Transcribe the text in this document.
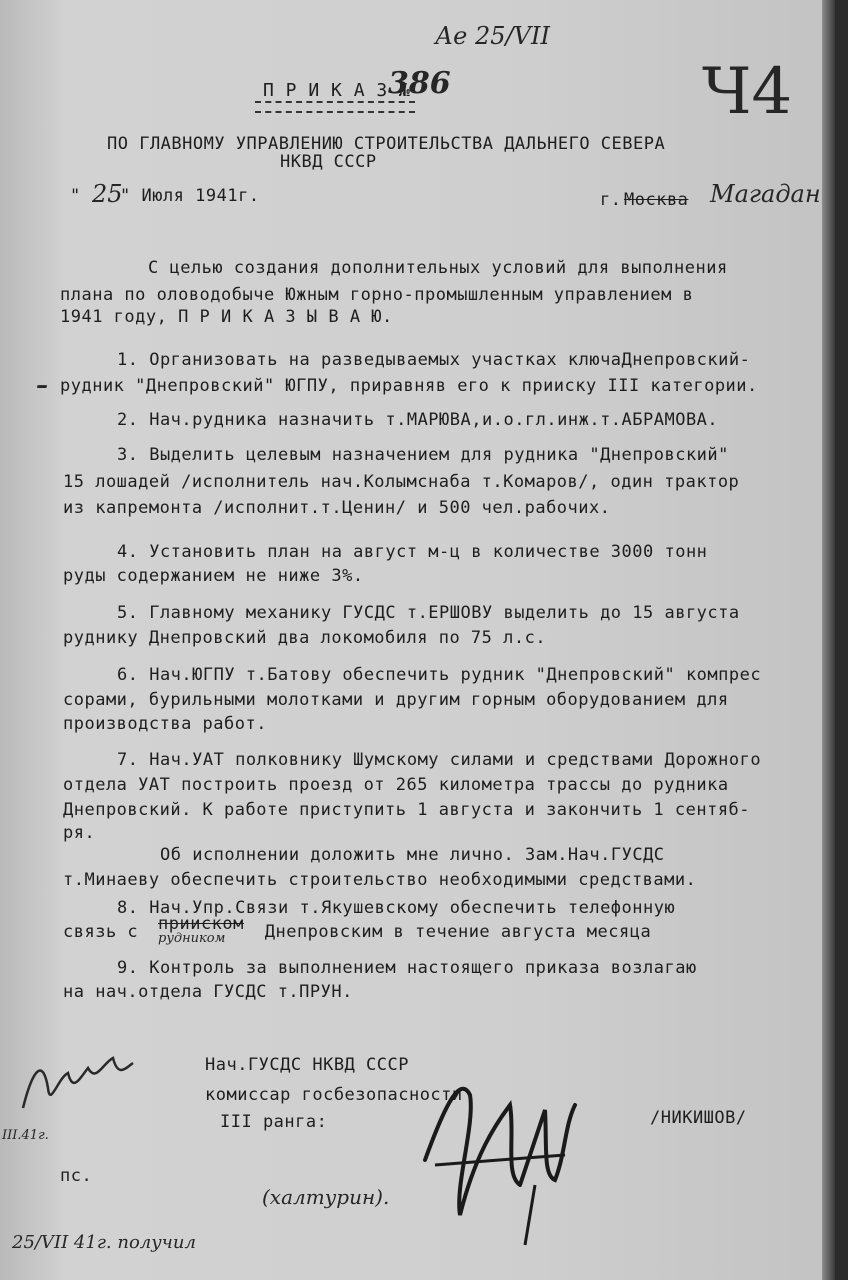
Ае 25/VII
Ч4
П Р И К А З №
386
ПО ГЛАВНОМУ УПРАВЛЕНИЮ СТРОИТЕЛЬСТВА ДАЛЬНЕГО СЕВЕРА
НКВД СССР
" 25
" Июля 1941г.	г. Москва Магадан
С целью создания дополнительных условий для выполнения
плана по оловодобыче Южным горно-промышленным управлением в
1941 году, П Р И К А З Ы В А Ю.
1. Организовать на разведываемых участках ключаДнепровский-
рудник "Днепровский" ЮГПУ, приравняв его к прииску III категории.
–
2. Нач.рудника назначить т.МАРЮВА,и.о.гл.инж.т.АБРАМОВА.
3. Выделить целевым назначением для рудника "Днепровский"
15 лошадей /исполнитель нач.Колымснаба т.Комаров/, один трактор
из капремонта /исполнит.т.Ценин/ и 500 чел.рабочих.
4. Установить план на август м-ц в количестве 3000 тонн
руды содержанием не ниже 3%.
5. Главному механику ГУСДС т.ЕРШОВУ выделить до 15 августа
руднику Днепровский два локомобиля по 75 л.с.
6. Нач.ЮГПУ т.Батову обеспечить рудник "Днепровский" компрес
сорами, бурильными молотками и другим горным оборудованием для
производства работ.
7. Нач.УАТ полковнику Шумскому силами и средствами Дорожного
отдела УАТ построить проезд от 265 километра трассы до рудника
Днепровский. К работе приступить 1 августа и закончить 1 сентяб-
ря.
Об исполнении доложить мне лично. Зам.Нач.ГУСДС
т.Минаеву обеспечить строительство необходимыми средствами.
8. Нач.Упр.Связи т.Якушевскому обеспечить телефонную
связь с прииском
рудником Днепровским в течение августа месяца
9. Контроль за выполнением настоящего приказа возлагаю
на нач.отдела ГУСДС т.ПРУН.
Нач.ГУСДС НКВД СССР
комиссар госбезопасности
III ранга:	/НИКИШОВ/
III.41г.
пс.
(халтурин).
25/VII 41г. получил
